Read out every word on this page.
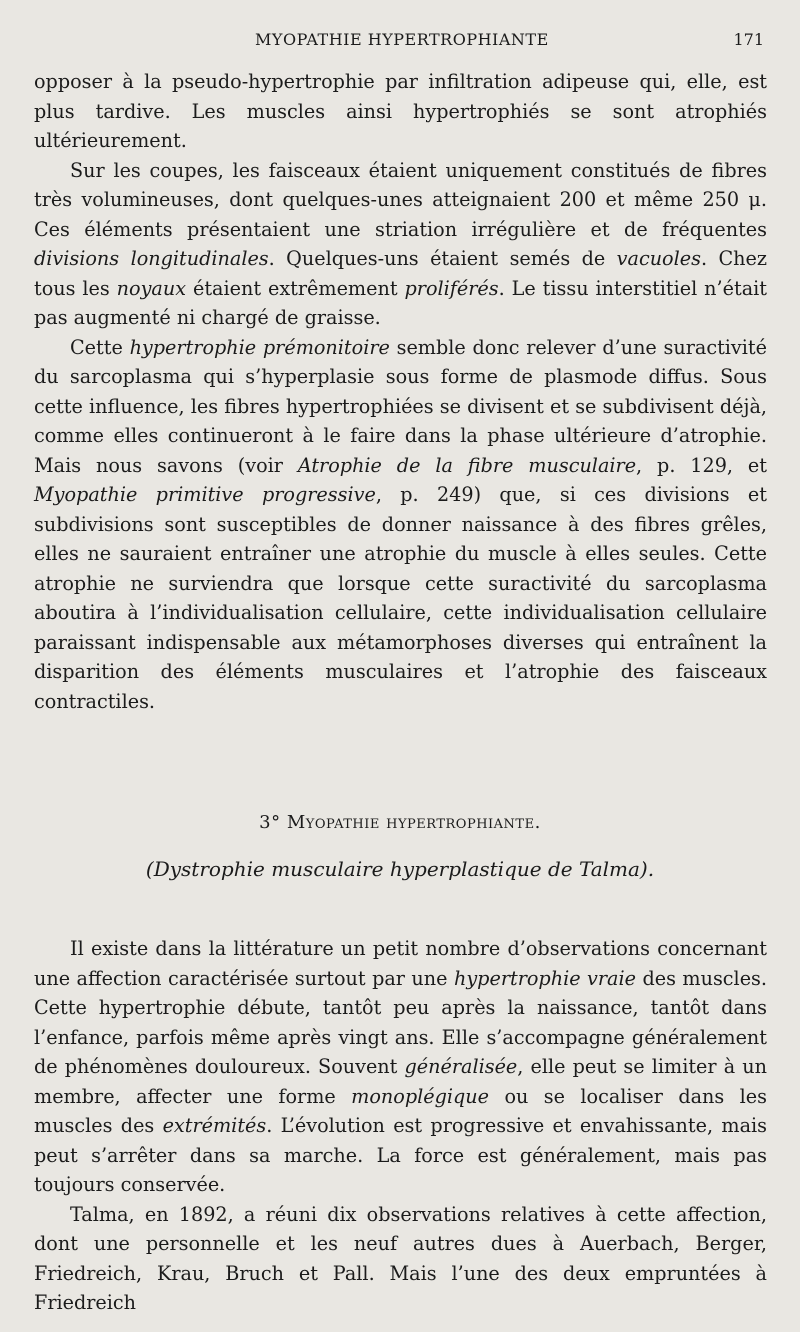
MYOPATHIE HYPERTROPHIANTE	171

opposer à la pseudo-hypertrophie par infiltration adipeuse qui, elle, est plus tardive. Les muscles ainsi hypertrophiés se sont atrophiés ultérieurement.

Sur les coupes, les faisceaux étaient uniquement constitués de fibres très volumineuses, dont quelques-unes atteignaient 200 et même 250 μ. Ces éléments présentaient une striation irrégulière et de fréquentes divisions longitudinales. Quelques-uns étaient semés de vacuoles. Chez tous les noyaux étaient extrêmement proliférés. Le tissu interstitiel n’était pas augmenté ni chargé de graisse.

Cette hypertrophie prémonitoire semble donc relever d’une suractivité du sarcoplasma qui s’hyperplasie sous forme de plasmode diffus. Sous cette influence, les fibres hypertrophiées se divisent et se subdivisent déjà, comme elles continueront à le faire dans la phase ultérieure d’atrophie. Mais nous savons (voir Atrophie de la fibre musculaire, p. 129, et Myopathie primitive progressive, p. 249) que, si ces divisions et subdivisions sont susceptibles de donner naissance à des fibres grêles, elles ne sauraient entraîner une atrophie du muscle à elles seules. Cette atrophie ne surviendra que lorsque cette suractivité du sarcoplasma aboutira à l’individualisation cellulaire, cette individualisation cellulaire paraissant indispensable aux métamorphoses diverses qui entraînent la disparition des éléments musculaires et l’atrophie des faisceaux contractiles.

3° Myopathie hypertrophiante.
(Dystrophie musculaire hyperplastique de Talma).

Il existe dans la littérature un petit nombre d’observations concernant une affection caractérisée surtout par une hypertrophie vraie des muscles. Cette hypertrophie débute, tantôt peu après la naissance, tantôt dans l’enfance, parfois même après vingt ans. Elle s’accompagne généralement de phénomènes douloureux. Souvent généralisée, elle peut se limiter à un membre, affecter une forme monoplégique ou se localiser dans les muscles des extrémités. L’évolution est progressive et envahissante, mais peut s’arrêter dans sa marche. La force est généralement, mais pas toujours conservée.

Talma, en 1892, a réuni dix observations relatives à cette affection, dont une personnelle et les neuf autres dues à Auerbach, Berger, Friedreich, Krau, Bruch et Pall. Mais l’une des deux empruntées à Friedreich
